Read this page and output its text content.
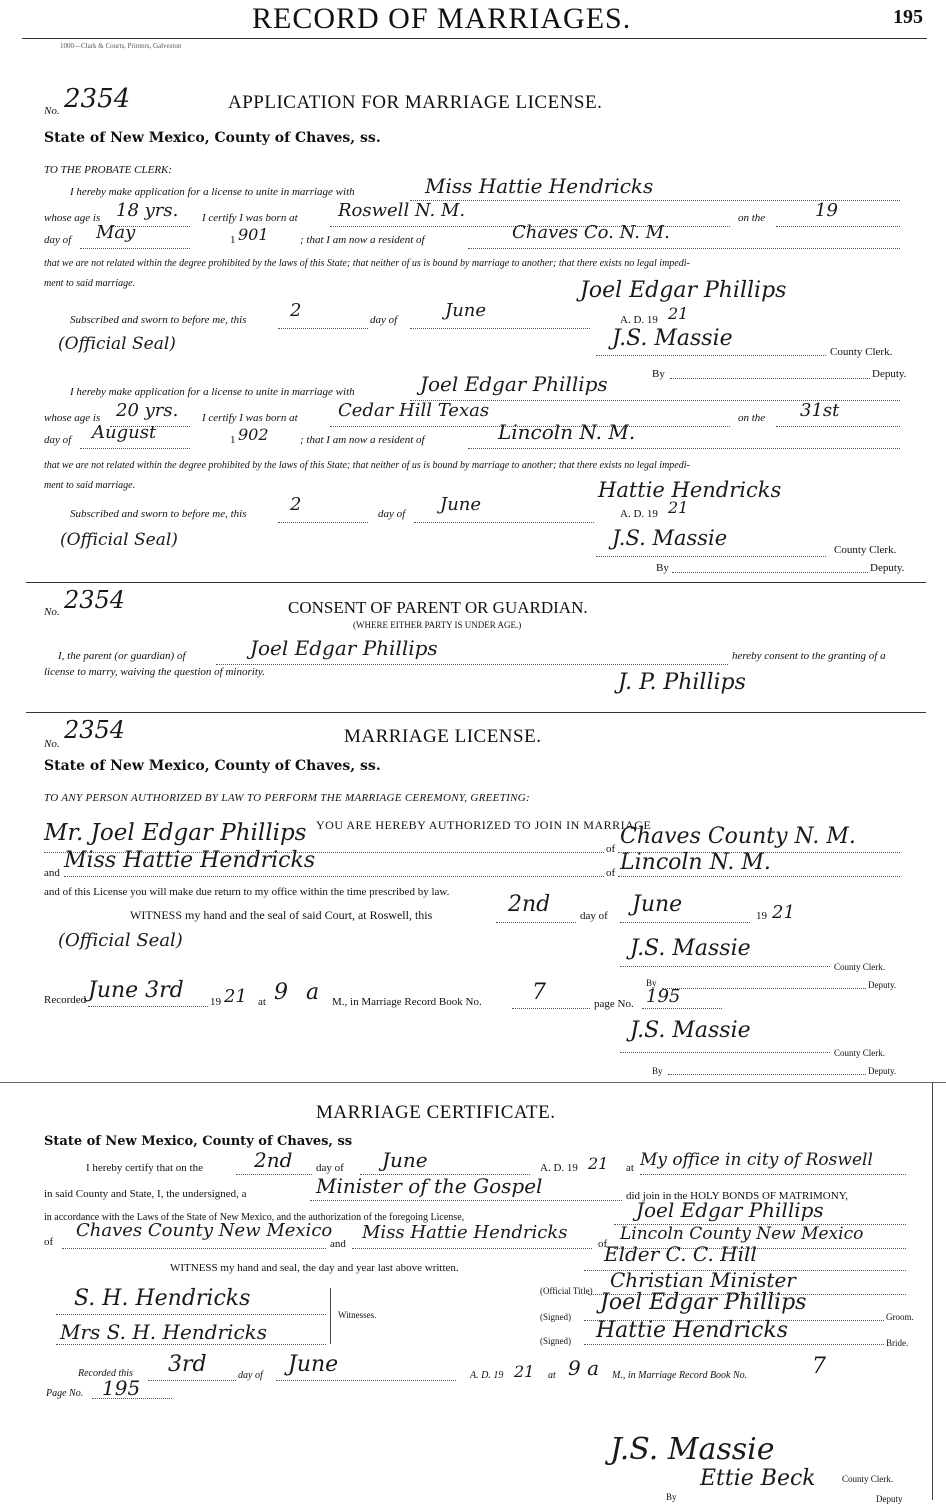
RECORD OF MARRIAGES.	195
1000—Clark & Courts, Printers, Galveston
No. 2354	APPLICATION FOR MARRIAGE LICENSE.
State of New Mexico, County of Chaves, ss.
TO THE PROBATE CLERK:
I hereby make application for a license to unite in marriage with	Miss Hattie Hendricks
whose age is 18 yrs. I certify I was born at Roswell N. M.	on the	19
day of May	1 901	; that I am now a resident of	Chaves Co. N. M.
that we are not related within the degree prohibited by the laws of this State; that neither of us is bound by marriage to another; that there exists no legal impedi-
ment to said marriage.	Joel Edgar Phillips
Subscribed and sworn to before me, this 2	day of	June	A. D. 19 21
(Official Seal)	J.S. Massie
County Clerk.
By	Deputy.
I hereby make application for a license to unite in marriage with	Joel Edgar Phillips
whose age is 20 yrs. I certify I was born at Cedar Hill Texas	on the 31st
day of August	1 902	; that I am now a resident of	Lincoln N. M.
that we are not related within the degree prohibited by the laws of this State; that neither of us is bound by marriage to another; that there exists no legal impedi-
ment to said marriage.	Hattie Hendricks
Subscribed and sworn to before me, this 2	day of June	A. D. 19 21
(Official Seal)	J.S. Massie	County Clerk.
By	Deputy.
No. 2354	CONSENT OF PARENT OR GUARDIAN.
(WHERE EITHER PARTY IS UNDER AGE.)
I, the parent (or guardian) of	Joel Edgar Phillips	hereby consent to the granting of a
license to marry, waiving the question of minority.	J. P. Phillips
No. 2354	MARRIAGE LICENSE.
State of New Mexico, County of Chaves, ss.
TO ANY PERSON AUTHORIZED BY LAW TO PERFORM THE MARRIAGE CEREMONY, GREETING:
YOU ARE HEREBY AUTHORIZED TO JOIN IN MARRIAGE
Mr. Joel Edgar Phillips
of Chaves County N. M.
and Miss Hattie Hendricks	of Lincoln N. M.
and of this License you will make due return to my office within the time prescribed by law.
WITNESS my hand and the seal of said Court, at Roswell, this	2nd	day of June	19 21
(Official Seal)	J.S. Massie
County Clerk.
By	Deputy.
Recorded June 3rd 19 21 at 9 a M., in Marriage Record Book No. 7	page No. 195
J.S. Massie
County Clerk.
By	Deputy.
MARRIAGE CERTIFICATE.
State of New Mexico, County of Chaves, ss
I hereby certify that on the	2nd day of June	A. D. 19 21 at My office in city of Roswell
in said County and State, I, the undersigned, a	Minister of the Gospel	did join in the HOLY BONDS OF MATRIMONY,
in accordance with the Laws of the State of New Mexico, and the authorization of the foregoing License,	Joel Edgar Phillips
of
Chaves County New Mexico
and
Miss Hattie Hendricks
of Lincoln County New Mexico
WITNESS my hand and seal, the day and year last above written.
Elder C. C. Hill
(Official Title) Christian Minister
S. H. Hendricks
Mrs S. H. Hendricks
Witnesses.	(Signed)
Joel Edgar Phillips
Groom.
(Signed) Hattie Hendricks	Bride.
Recorded this 3rd	day of June	A. D. 19 21 at 9 a M., in Marriage Record Book No.	7
Page No. 195
J.S. Massie
County Clerk.
By
Ettie Beck
Deputy
